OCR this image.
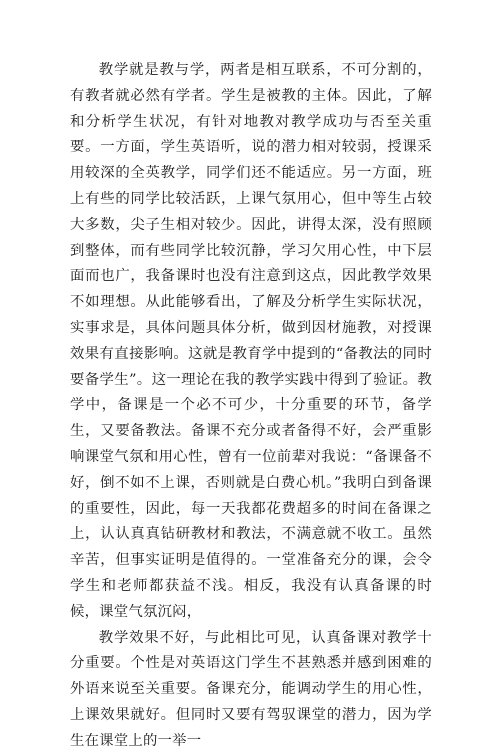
教学就是教与学，两者是相互联系，不可分割的，有教者就必然有学者。学生是被教的主体。因此，了解和分析学生状况，有针对地教对教学成功与否至关重要。一方面，学生英语听，说的潜力相对较弱，授课采用较深的全英教学，同学们还不能适应。另一方面，班上有些的同学比较活跃，上课气氛用心，但中等生占较大多数，尖子生相对较少。因此，讲得太深，没有照顾到整体，而有些同学比较沉静，学习欠用心性，中下层面而也广，我备课时也没有注意到这点，因此教学效果不如理想。从此能够看出，了解及分析学生实际状况，实事求是，具体问题具体分析，做到因材施教，对授课效果有直接影响。这就是教育学中提到的“备教法的同时要备学生”。这一理论在我的教学实践中得到了验证。教学中，备课是一个必不可少，十分重要的环节，备学生，又要备教法。备课不充分或者备得不好，会严重影响课堂气氛和用心性，曾有一位前辈对我说：“备课备不好，倒不如不上课，否则就是白费心机。”我明白到备课的重要性，因此，每一天我都花费超多的时间在备课之上，认认真真钻研教材和教法，不满意就不收工。虽然辛苦，但事实证明是值得的。一堂准备充分的课，会令学生和老师都获益不浅。相反，我没有认真备课的时候，课堂气氛沉闷，

教学效果不好，与此相比可见，认真备课对教学十分重要。个性是对英语这门学生不甚熟悉并感到困难的外语来说至关重要。备课充分，能调动学生的用心性，上课效果就好。但同时又要有驾驭课堂的潜力，因为学生在课堂上的一举一
